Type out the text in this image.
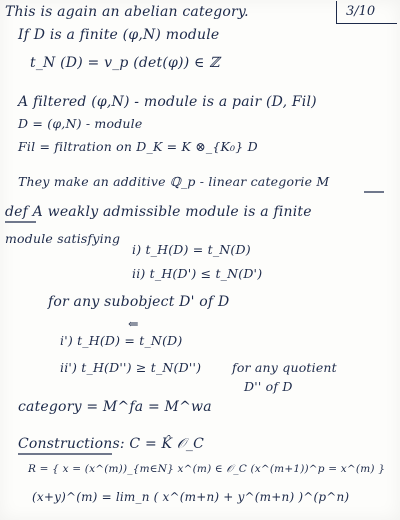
3/10
This is again an abelian category.
If D is a finite (φ,N) module
t_N (D) = v_p (det(φ)) ∈ ℤ
A filtered (φ,N) - module is a pair (D, Fil)
D = (φ,N) - module
Fil = filtration on D_K = K ⊗_{K₀} D
They make an additive ℚ_p - linear categorie M
def A weakly admissible module is a finite
module satisfying
i) t_H(D) = t_N(D)
ii) t_H(D') ≤ t_N(D')
for any subobject D' of D
⇐
i') t_H(D) = t_N(D)
ii') t_H(D'') ≥ t_N(D'') for any quotient
D'' of D
category = M^fa = M^wa
Constructions: C = K̂ 𝒪_C
R = { x = (x^(m))_{m∈N} x^(m) ∈ 𝒪_C (x^(m+1))^p = x^(m) }
(x+y)^(m) = lim_n ( x^(m+n) + y^(m+n) )^(p^n)
